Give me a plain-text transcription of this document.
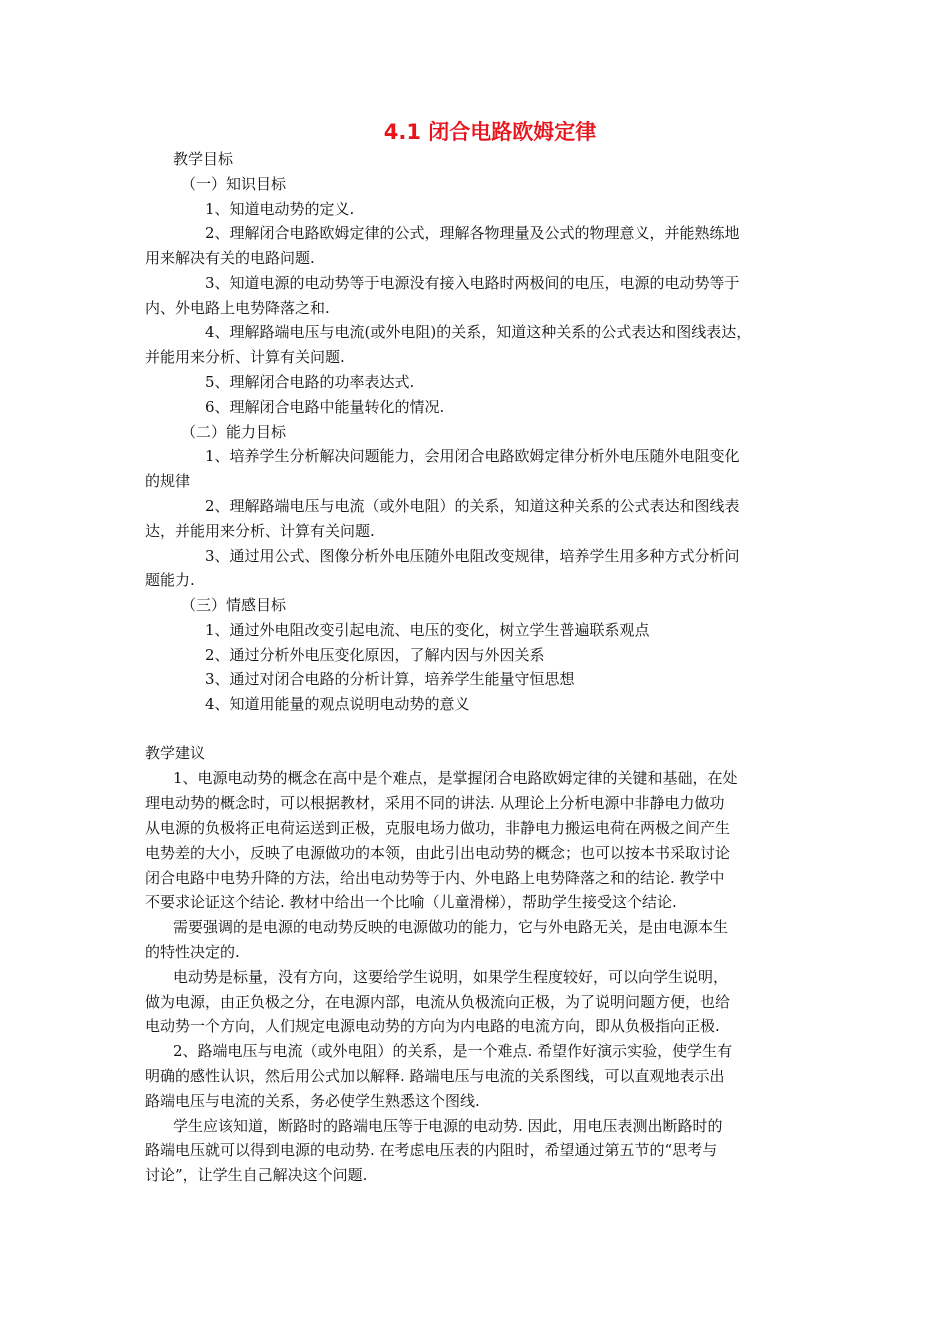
4.1 闭合电路欧姆定律
教学目标
（一）知识目标
1、知道电动势的定义.
2、理解闭合电路欧姆定律的公式，理解各物理量及公式的物理意义，并能熟练地
用来解决有关的电路问题.
3、知道电源的电动势等于电源没有接入电路时两极间的电压，电源的电动势等于
内、外电路上电势降落之和.
4、理解路端电压与电流(或外电阻)的关系，知道这种关系的公式表达和图线表达，
并能用来分析、计算有关问题.
5、理解闭合电路的功率表达式.
6、理解闭合电路中能量转化的情况.
（二）能力目标
1、培养学生分析解决问题能力，会用闭合电路欧姆定律分析外电压随外电阻变化
的规律
2、理解路端电压与电流（或外电阻）的关系，知道这种关系的公式表达和图线表
达，并能用来分析、计算有关问题.
3、通过用公式、图像分析外电压随外电阻改变规律，培养学生用多种方式分析问
题能力.
（三）情感目标
1、通过外电阻改变引起电流、电压的变化，树立学生普遍联系观点
2、通过分析外电压变化原因，了解内因与外因关系
3、通过对闭合电路的分析计算，培养学生能量守恒思想
4、知道用能量的观点说明电动势的意义
教学建议
1、电源电动势的概念在高中是个难点，是掌握闭合电路欧姆定律的关键和基础，在处
理电动势的概念时，可以根据教材，采用不同的讲法. 从理论上分析电源中非静电力做功
从电源的负极将正电荷运送到正极，克服电场力做功，非静电力搬运电荷在两极之间产生
电势差的大小，反映了电源做功的本领，由此引出电动势的概念；也可以按本书采取讨论
闭合电路中电势升降的方法，给出电动势等于内、外电路上电势降落之和的结论. 教学中
不要求论证这个结论. 教材中给出一个比喻（儿童滑梯），帮助学生接受这个结论.
需要强调的是电源的电动势反映的电源做功的能力，它与外电路无关，是由电源本生
的特性决定的.
电动势是标量，没有方向，这要给学生说明，如果学生程度较好，可以向学生说明，
做为电源，由正负极之分，在电源内部，电流从负极流向正极，为了说明问题方便，也给
电动势一个方向，人们规定电源电动势的方向为内电路的电流方向，即从负极指向正极.
2、路端电压与电流（或外电阻）的关系，是一个难点. 希望作好演示实验，使学生有
明确的感性认识，然后用公式加以解释. 路端电压与电流的关系图线，可以直观地表示出
路端电压与电流的关系，务必使学生熟悉这个图线.
学生应该知道，断路时的路端电压等于电源的电动势. 因此，用电压表测出断路时的
路端电压就可以得到电源的电动势. 在考虑电压表的内阻时，希望通过第五节的“思考与
讨论”，让学生自己解决这个问题.
